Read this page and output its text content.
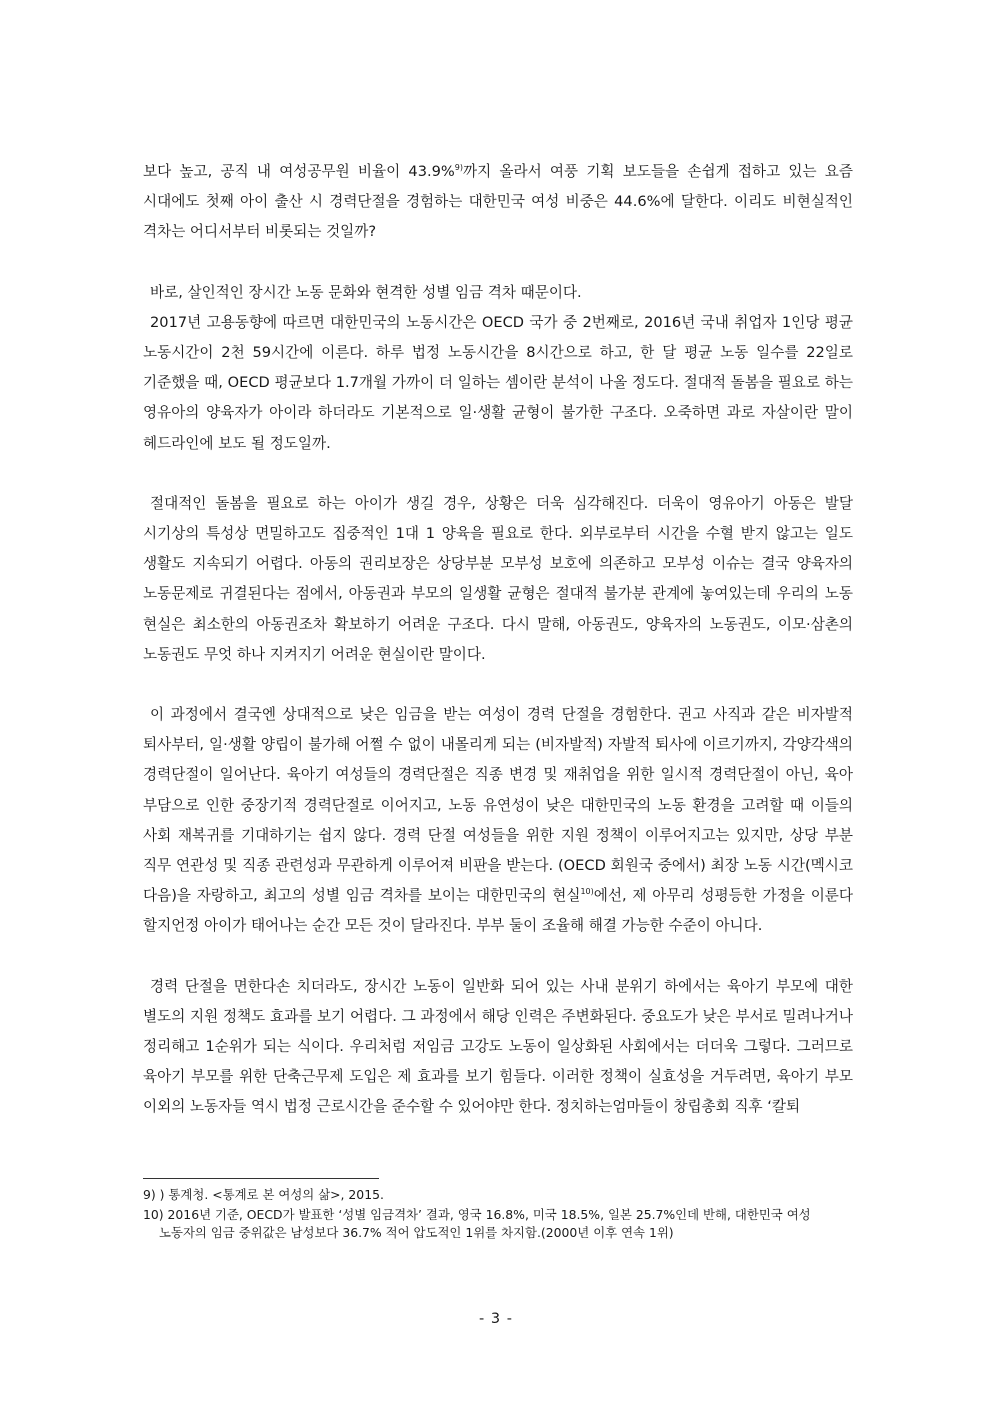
보다 높고, 공직 내 여성공무원 비율이 43.9%$^{9)}$까지 올라서 여풍 기획 보도들을 손쉽게 접하고 있는 요즘 시대에도 첫째 아이 출산 시 경력단절을 경험하는 대한민국 여성 비중은 44.6%에 달한다. 이리도 비현실적인 격차는 어디서부터 비롯되는 것일까?

바로, 살인적인 장시간 노동 문화와 현격한 성별 임금 격차 때문이다.

2017년 고용동향에 따르면 대한민국의 노동시간은 OECD 국가 중 2번째로, 2016년 국내 취업자 1인당 평균 노동시간이 2천 59시간에 이른다. 하루 법정 노동시간을 8시간으로 하고, 한 달 평균 노동 일수를 22일로 기준했을 때, OECD 평균보다 1.7개월 가까이 더 일하는 셈이란 분석이 나올 정도다. 절대적 돌봄을 필요로 하는 영유아의 양육자가 아이라 하더라도 기본적으로 일·생활 균형이 불가한 구조다. 오죽하면 과로 자살이란 말이 헤드라인에 보도 될 정도일까.

절대적인 돌봄을 필요로 하는 아이가 생길 경우, 상황은 더욱 심각해진다. 더욱이 영유아기 아동은 발달 시기상의 특성상 면밀하고도 집중적인 1대 1 양육을 필요로 한다. 외부로부터 시간을 수혈 받지 않고는 일도 생활도 지속되기 어렵다. 아동의 권리보장은 상당부분 모부성 보호에 의존하고 모부성 이슈는 결국 양육자의 노동문제로 귀결된다는 점에서, 아동권과 부모의 일생활 균형은 절대적 불가분 관계에 놓여있는데 우리의 노동 현실은 최소한의 아동권조차 확보하기 어려운 구조다. 다시 말해, 아동권도, 양육자의 노동권도, 이모·삼촌의 노동권도 무엇 하나 지켜지기 어려운 현실이란 말이다.

이 과정에서 결국엔 상대적으로 낮은 임금을 받는 여성이 경력 단절을 경험한다. 권고 사직과 같은 비자발적 퇴사부터, 일·생활 양립이 불가해 어쩔 수 없이 내몰리게 되는 (비자발적) 자발적 퇴사에 이르기까지, 각양각색의 경력단절이 일어난다. 육아기 여성들의 경력단절은 직종 변경 및 재취업을 위한 일시적 경력단절이 아닌, 육아 부담으로 인한 중장기적 경력단절로 이어지고, 노동 유연성이 낮은 대한민국의 노동 환경을 고려할 때 이들의 사회 재복귀를 기대하기는 쉽지 않다. 경력 단절 여성들을 위한 지원 정책이 이루어지고는 있지만, 상당 부분 직무 연관성 및 직종 관련성과 무관하게 이루어져 비판을 받는다. (OECD 회원국 중에서) 최장 노동 시간(멕시코 다음)을 자랑하고, 최고의 성별 임금 격차를 보이는 대한민국의 현실$^{10)}$에선, 제 아무리 성평등한 가정을 이룬다 할지언정 아이가 태어나는 순간 모든 것이 달라진다. 부부 둘이 조율해 해결 가능한 수준이 아니다.

경력 단절을 면한다손 치더라도, 장시간 노동이 일반화 되어 있는 사내 분위기 하에서는 육아기 부모에 대한 별도의 지원 정책도 효과를 보기 어렵다. 그 과정에서 해당 인력은 주변화된다. 중요도가 낮은 부서로 밀려나거나 정리해고 1순위가 되는 식이다. 우리처럼 저임금 고강도 노동이 일상화된 사회에서는 더더욱 그렇다. 그러므로 육아기 부모를 위한 단축근무제 도입은 제 효과를 보기 힘들다. 이러한 정책이 실효성을 거두려면, 육아기 부모 이외의 노동자들 역시 법정 근로시간을 준수할 수 있어야만 한다. 정치하는엄마들이 창립총회 직후 ‘칼퇴

9) ) 통계청. <통계로 본 여성의 삶>, 2015.

10) 2016년 기준, OECD가 발표한 ‘성별 임금격차’ 결과, 영국 16.8%, 미국 18.5%, 일본 25.7%인데 반해, 대한민국 여성 노동자의 임금 중위값은 남성보다 36.7% 적어 압도적인 1위를 차지함.(2000년 이후 연속 1위)

- 3 -
